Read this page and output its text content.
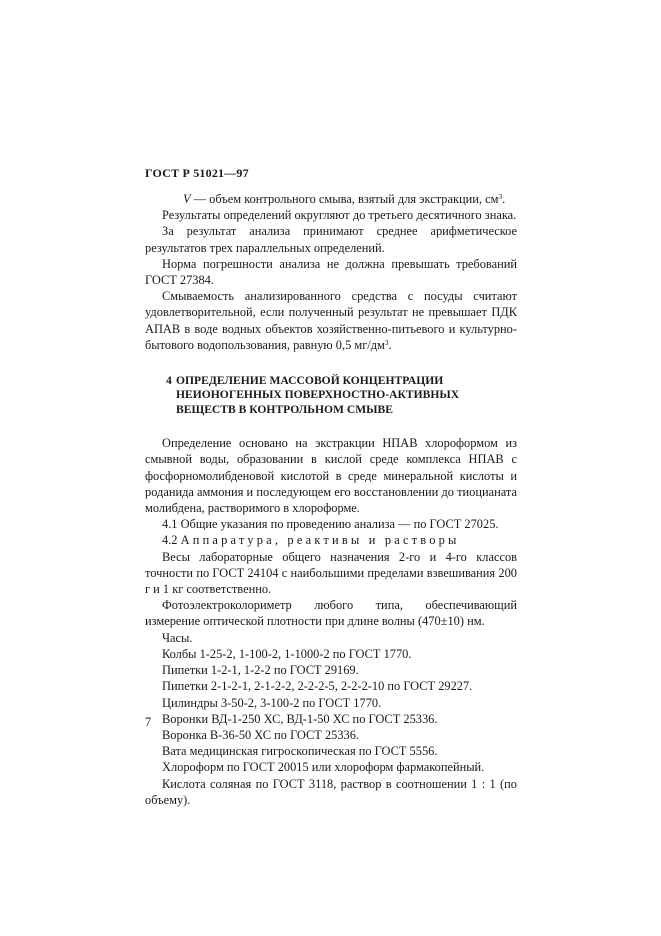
ГОСТ Р 51021—97

V — объем контрольного смыва, взятый для экстракции, $см^3$.

Результаты определений округляют до третьего десятичного знака.

За результат анализа принимают среднее арифметическое результатов трех параллельных определений.

Норма погрешности анализа не должна превышать требований ГОСТ 27384.

Смываемость анализированного средства с посуды считают удовлетворительной, если полученный результат не превышает ПДК АПАВ в воде водных объектов хозяйственно-питьевого и культурно-бытового водопользования, равную 0,5 $мг/дм^3$.

4 ОПРЕДЕЛЕНИЕ МАССОВОЙ КОНЦЕНТРАЦИИ
НЕИОНОГЕННЫХ ПОВЕРХНОСТНО-АКТИВНЫХ
ВЕЩЕСТВ В КОНТРОЛЬНОМ СМЫВЕ

Определение основано на экстракции НПАВ хлороформом из смывной воды, образовании в кислой среде комплекса НПАВ с фосфорномолибденовой кислотой в среде минеральной кислоты и роданида аммония и последующем его восстановлении до тиоцианата молибдена, растворимого в хлороформе.

4.1 Общие указания по проведению анализа — по ГОСТ 27025.

4.2 Аппаратура, реактивы и растворы

Весы лабораторные общего назначения 2-го и 4-го классов точности по ГОСТ 24104 с наибольшими пределами взвешивания 200 г и 1 кг соответственно.

Фотоэлектроколориметр любого типа, обеспечивающий измерение оптической плотности при длине волны (470±10) нм.

Часы.

Колбы 1-25-2, 1-100-2, 1-1000-2 по ГОСТ 1770.

Пипетки 1-2-1, 1-2-2 по ГОСТ 29169.

Пипетки 2-1-2-1, 2-1-2-2, 2-2-2-5, 2-2-2-10 по ГОСТ 29227.

Цилиндры 3-50-2, 3-100-2 по ГОСТ 1770.

Воронки ВД-1-250 ХС, ВД-1-50 ХС по ГОСТ 25336.

Воронка В-36-50 ХС по ГОСТ 25336.

Вата медицинская гигроскопическая по ГОСТ 5556.

Хлороформ по ГОСТ 20015 или хлороформ фармакопейный.

Кислота соляная по ГОСТ 3118, раствор в соотношении 1 : 1 (по объему).

7
